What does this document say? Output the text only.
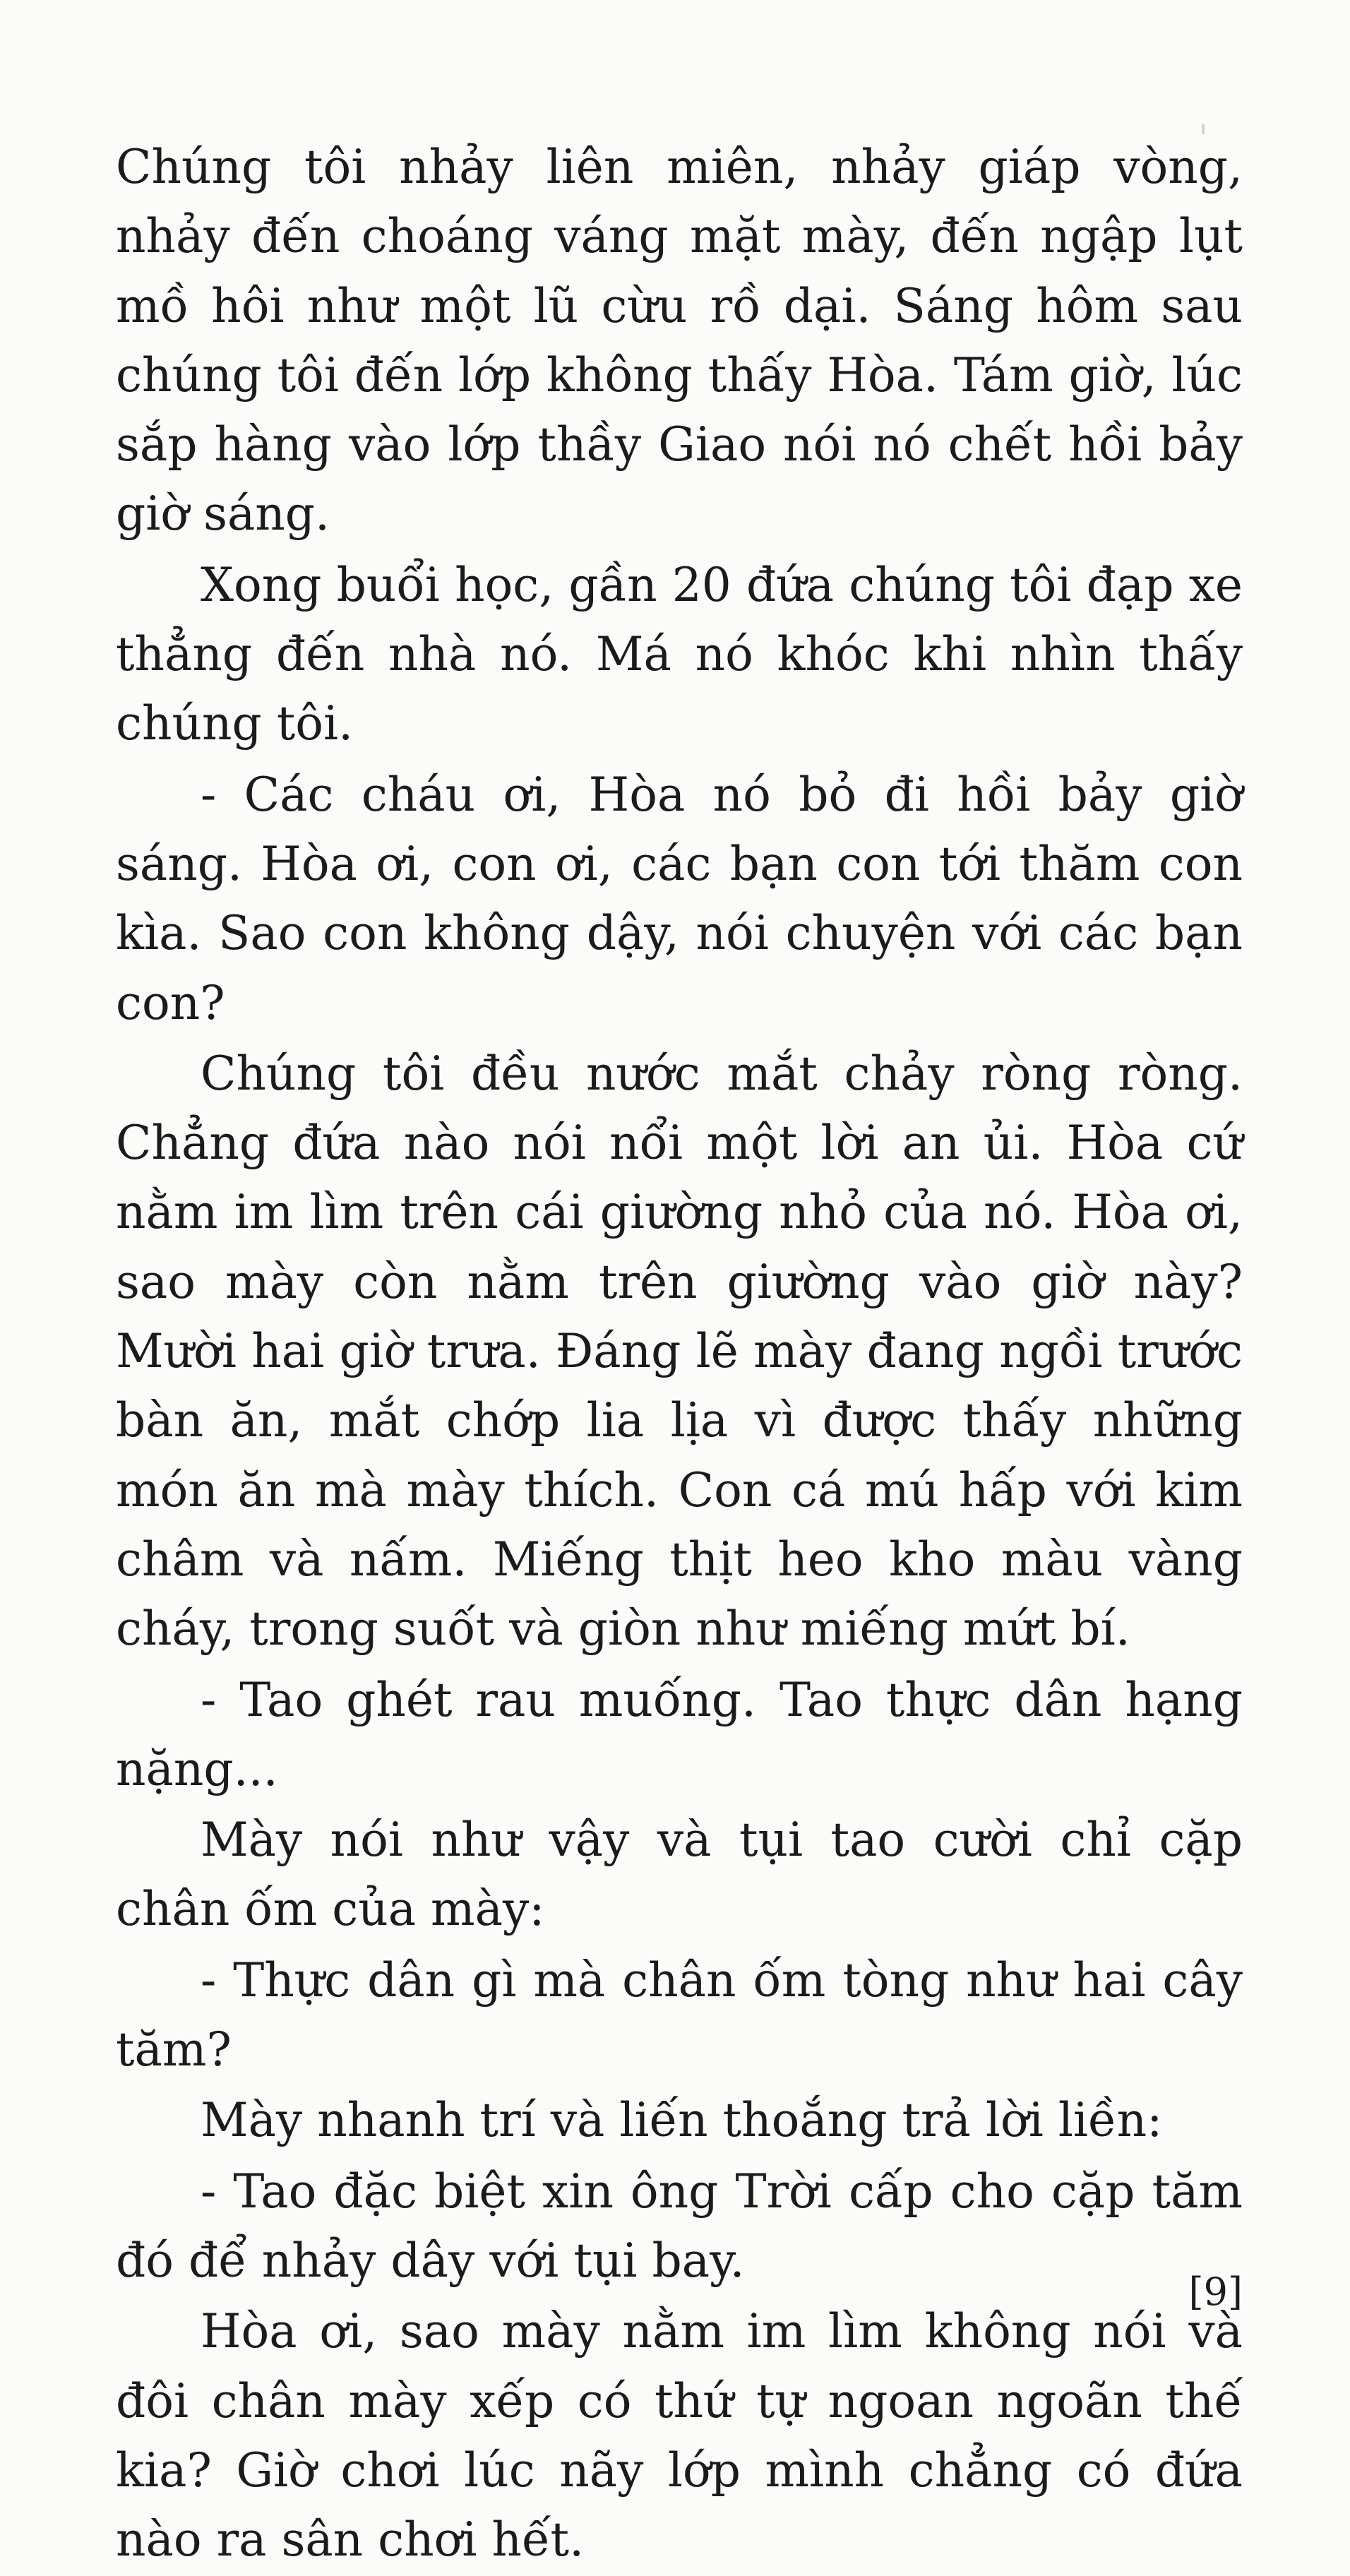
Chúng tôi nhảy liên miên, nhảy giáp vòng, nhảy đến choáng váng mặt mày, đến ngập lụt mồ hôi như một lũ cừu rồ dại. Sáng hôm sau chúng tôi đến lớp không thấy Hòa. Tám giờ, lúc sắp hàng vào lớp thầy Giao nói nó chết hồi bảy giờ sáng.

Xong buổi học, gần 20 đứa chúng tôi đạp xe thẳng đến nhà nó. Má nó khóc khi nhìn thấy chúng tôi.

- Các cháu ơi, Hòa nó bỏ đi hồi bảy giờ sáng. Hòa ơi, con ơi, các bạn con tới thăm con kìa. Sao con không dậy, nói chuyện với các bạn con?

Chúng tôi đều nước mắt chảy ròng ròng. Chẳng đứa nào nói nổi một lời an ủi. Hòa cứ nằm im lìm trên cái giường nhỏ của nó. Hòa ơi, sao mày còn nằm trên giường vào giờ này? Mười hai giờ trưa. Đáng lẽ mày đang ngồi trước bàn ăn, mắt chớp lia lịa vì được thấy những món ăn mà mày thích. Con cá mú hấp với kim châm và nấm. Miếng thịt heo kho màu vàng cháy, trong suốt và giòn như miếng mứt bí.

- Tao ghét rau muống. Tao thực dân hạng nặng...

Mày nói như vậy và tụi tao cười chỉ cặp chân ốm của mày:

- Thực dân gì mà chân ốm tòng như hai cây tăm?

Mày nhanh trí và liến thoắng trả lời liền:

- Tao đặc biệt xin ông Trời cấp cho cặp tăm đó để nhảy dây với tụi bay.

Hòa ơi, sao mày nằm im lìm không nói và đôi chân mày xếp có thứ tự ngoan ngoãn thế kia? Giờ chơi lúc nãy lớp mình chẳng có đứa nào ra sân chơi hết.

[9]
